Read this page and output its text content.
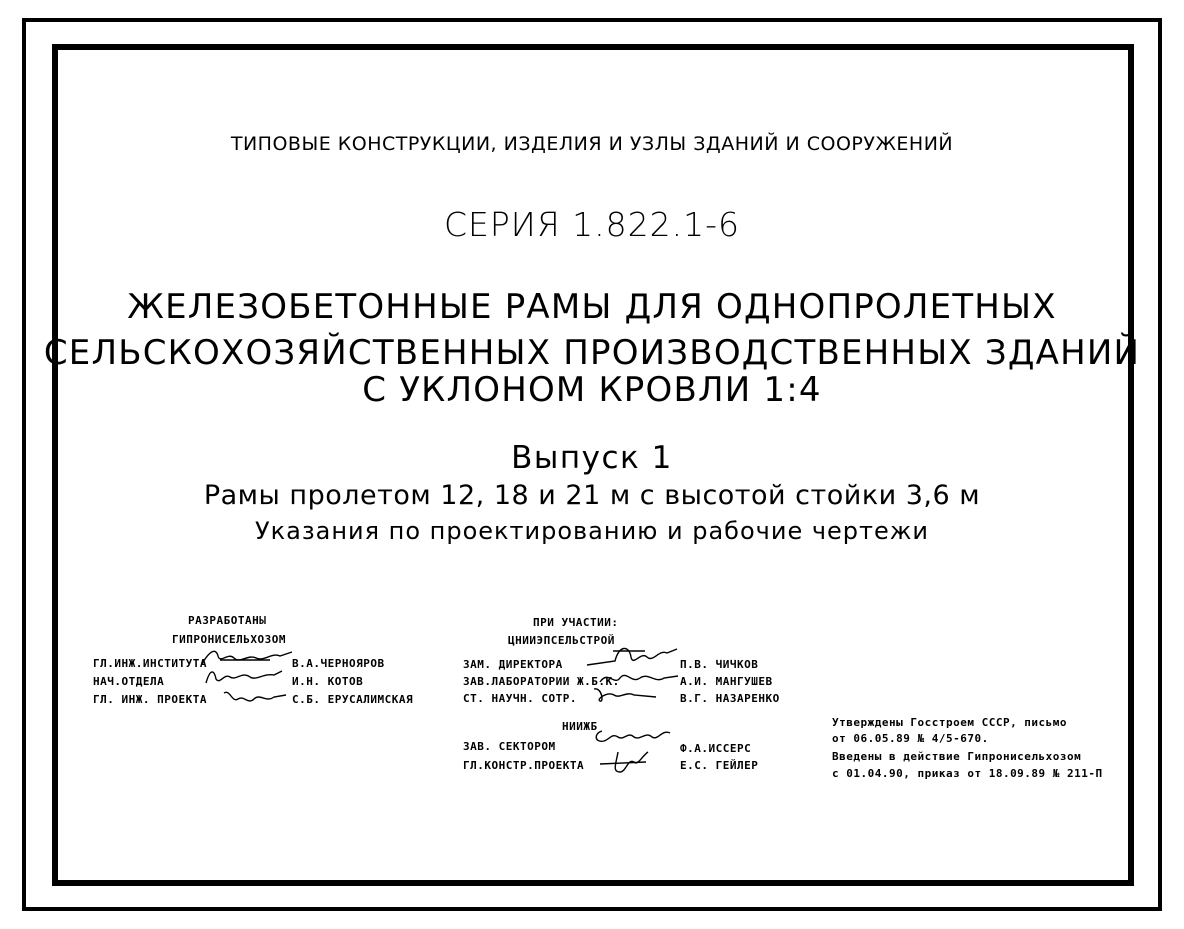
ТИПОВЫЕ КОНСТРУКЦИИ, ИЗДЕЛИЯ И УЗЛЫ ЗДАНИЙ И СООРУЖЕНИЙ
СЕРИЯ 1.822.1-6
ЖЕЛЕЗОБЕТОННЫЕ РАМЫ ДЛЯ ОДНОПРОЛЕТНЫХ
СЕЛЬСКОХОЗЯЙСТВЕННЫХ ПРОИЗВОДСТВЕННЫХ ЗДАНИЙ
С УКЛОНОМ КРОВЛИ 1:4
Выпуск 1
Рамы пролетом 12, 18 и 21 м с высотой стойки 3,6 м
Указания по проектированию и рабочие чертежи
РАЗРАБОТАНЫ
ГИПРОНИСЕЛЬХОЗОМ
ГЛ.ИНЖ.ИНСТИТУТА	В.А.ЧЕРНОЯРОВ
НАЧ.ОТДЕЛА	И.Н. КОТОВ
ГЛ. ИНЖ. ПРОЕКТА	С.Б. ЕРУСАЛИМСКАЯ
ПРИ УЧАСТИИ:
ЦНИИЭПСЕЛЬСТРОЙ
ЗАМ. ДИРЕКТОРА	П.В. ЧИЧКОВ
ЗАВ.ЛАБОРАТОРИИ Ж.Б.К.	А.И. МАНГУШЕВ
СТ. НАУЧН. СОТР.	В.Г. НАЗАРЕНКО
НИИЖБ
ЗАВ. СЕКТОРОМ	Ф.А.ИССЕРС
ГЛ.КОНСТР.ПРОЕКТА	Е.С. ГЕЙЛЕР
Утверждены Госстроем СССР, письмо
от 06.05.89 № 4/5-670.
Введены в действие Гипронисельхозом
с 01.04.90, приказ от 18.09.89 № 211-П
